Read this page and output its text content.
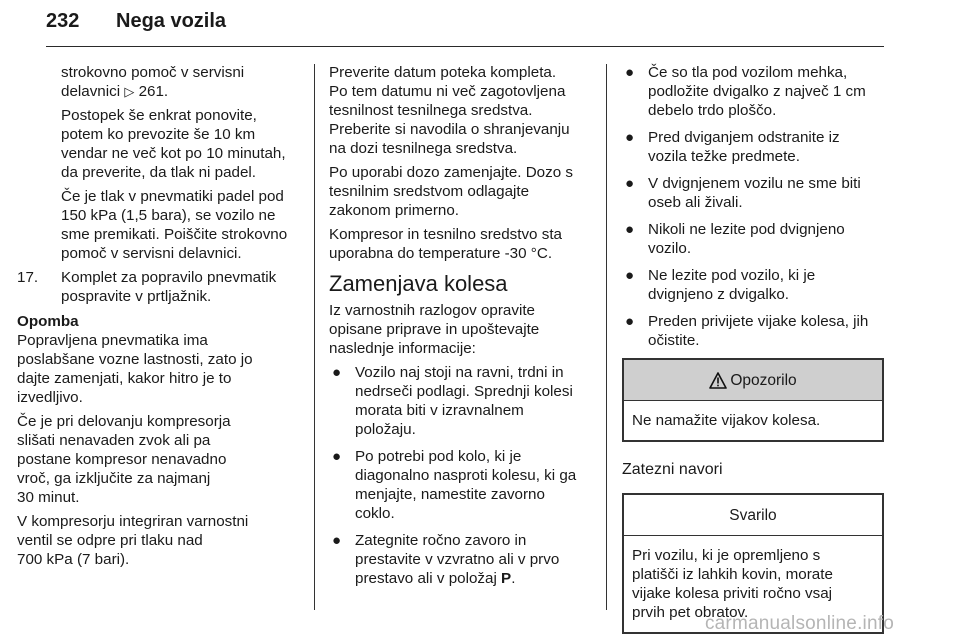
232 Nega vozila

strokovno pomoč v servisni

delavnici ▷ 261.

Postopek še enkrat ponovite,

potem ko prevozite še 10 km

vendar ne več kot po 10 minutah,

da preverite, da tlak ni padel.

Če je tlak v pnevmatiki padel pod

150 kPa (1,5 bara), se vozilo ne

sme premikati. Poiščite strokovno

pomoč v servisni delavnici.

17. Komplet za popravilo pnevmatik

pospravite v prtljažnik.

Opomba

Popravljena pnevmatika ima

poslabšane vozne lastnosti, zato jo

dajte zamenjati, kakor hitro je to

izvedljivo.

Če je pri delovanju kompresorja

slišati nenavaden zvok ali pa

postane kompresor nenavadno

vroč, ga izključite za najmanj

30 minut.

V kompresorju integriran varnostni

ventil se odpre pri tlaku nad

700 kPa (7 bari).

Preverite datum poteka kompleta.

Po tem datumu ni več zagotovljena

tesnilnost tesnilnega sredstva.

Preberite si navodila o shranjevanju

na dozi tesnilnega sredstva.

Po uporabi dozo zamenjajte. Dozo s

tesnilnim sredstvom odlagajte

zakonom primerno.

Kompresor in tesnilno sredstvo sta

uporabna do temperature -30 °C.

Zamenjava kolesa

Iz varnostnih razlogov opravite

opisane priprave in upoštevajte

naslednje informacije:

● Vozilo naj stoji na ravni, trdni in

nedrseči podlagi. Sprednji kolesi

morata biti v izravnalnem

položaju.

● Po potrebi pod kolo, ki je

diagonalno nasproti kolesu, ki ga

menjajte, namestite zavorno

coklo.

● Zategnite ročno zavoro in

prestavite v vzvratno ali v prvo

prestavo ali v položaj P.

● Če so tla pod vozilom mehka,

podložite dvigalko z največ 1 cm

debelo trdo ploščo.

● Pred dviganjem odstranite iz

vozila težke predmete.

● V dvignjenem vozilu ne sme biti

oseb ali živali.

● Nikoli ne lezite pod dvignjeno

vozilo.

● Ne lezite pod vozilo, ki je

dvignjeno z dvigalko.

● Preden privijete vijake kolesa, jih

očistite.

Opozorilo
Ne namažite vijakov kolesa.
Zatezni navori
Svarilo

Pri vozilu, ki je opremljeno s

platišči iz lahkih kovin, morate

vijake kolesa priviti ročno vsaj

prvih pet obratov.

carmanualsonline.info
